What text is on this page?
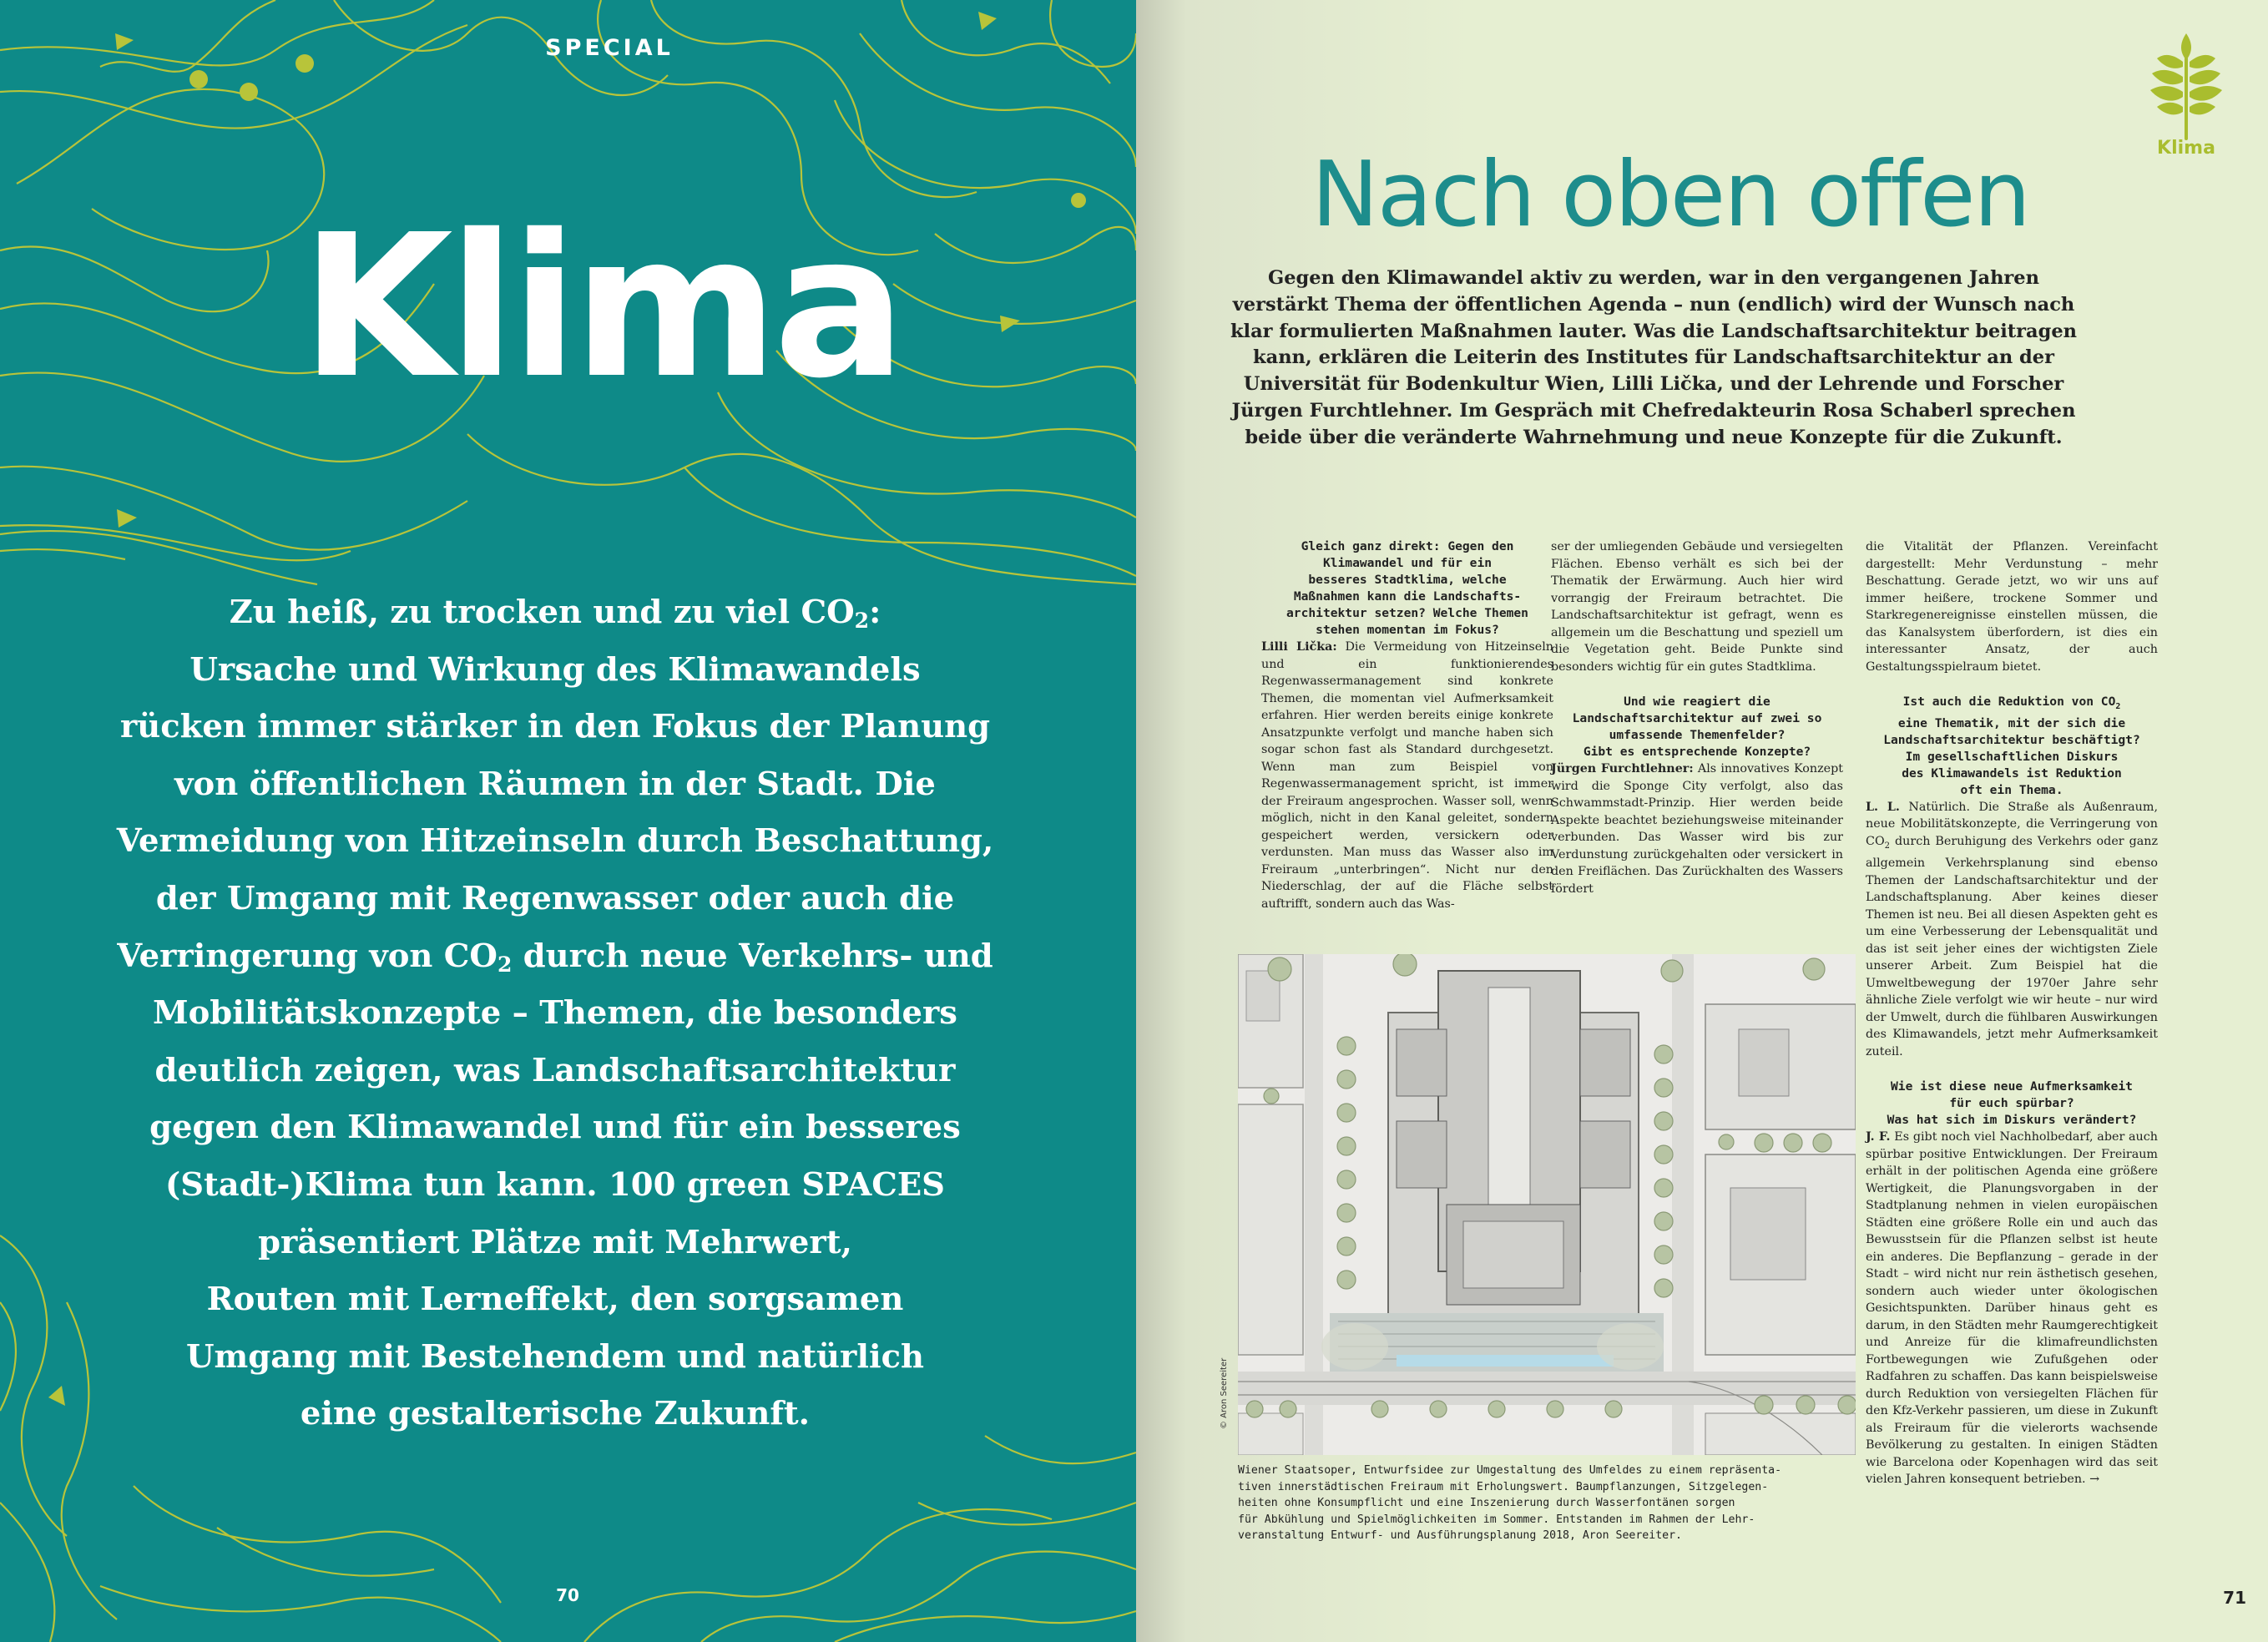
SPECIAL
Klima
Zu heiß, zu trocken und zu viel $CO_2$:
Ursache und Wirkung des Klimawandels
rücken immer stärker in den Fokus der Planung
von öffentlichen Räumen in der Stadt. Die
Vermeidung von Hitzeinseln durch Beschattung,
der Umgang mit Regenwasser oder auch die
Verringerung von $CO_2$ durch neue Verkehrs- und
Mobilitätskonzepte – Themen, die besonders
deutlich zeigen, was Landschaftsarchitektur
gegen den Klimawandel und für ein besseres
(Stadt-)Klima tun kann. 100 green SPACES
präsentiert Plätze mit Mehrwert,
Routen mit Lerneffekt, den sorgsamen
Umgang mit Bestehendem und natürlich
eine gestalterische Zukunft.
70
Klima
Nach oben offen
Gegen den Klimawandel aktiv zu werden, war in den vergangenen Jahren
verstärkt Thema der öffentlichen Agenda – nun (endlich) wird der Wunsch nach
klar formulierten Maßnahmen lauter. Was die Landschaftsarchitektur beitragen
kann, erklären die Leiterin des Institutes für Landschaftsarchitektur an der
Universität für Bodenkultur Wien, Lilli Lička, und der Lehrende und Forscher
Jürgen Furchtlehner. Im Gespräch mit Chefredakteurin Rosa Schaberl sprechen
beide über die veränderte Wahrnehmung und neue Konzepte für die Zukunft.

Gleich ganz direkt: Gegen den
Klimawandel und für ein
besseres Stadtklima, welche
Maßnahmen kann die Landschafts-
architektur setzen? Welche Themen
stehen momentan im Fokus?

Lilli Lička: Die Vermeidung von Hitzeinseln und ein funktionierendes Regenwassermanagement sind konkrete Themen, die momentan viel Aufmerksamkeit erfahren. Hier werden bereits einige konkrete Ansatzpunkte verfolgt und manche haben sich sogar schon fast als Standard durchgesetzt. Wenn man zum Beispiel von Regenwassermanagement spricht, ist immer der Freiraum angesprochen. Wasser soll, wenn möglich, nicht in den Kanal geleitet, sondern gespeichert werden, versickern oder verdunsten. Man muss das Wasser also im Freiraum „unterbringen“. Nicht nur den Niederschlag, der auf die Fläche selbst auftrifft, sondern auch das Was-

ser der umliegenden Gebäude und versiegelten Flächen. Ebenso verhält es sich bei der Thematik der Erwärmung. Auch hier wird vorrangig der Freiraum betrachtet. Die Landschaftsarchitektur ist gefragt, wenn es allgemein um die Beschattung und speziell um die Vegetation geht. Beide Punkte sind besonders wichtig für ein gutes Stadtklima.

Und wie reagiert die
Landschaftsarchitektur auf zwei so
umfassende Themenfelder?
Gibt es entsprechende Konzepte?

Jürgen Furchtlehner: Als innovatives Konzept wird die Sponge City verfolgt, also das Schwammstadt-Prinzip. Hier werden beide Aspekte beachtet beziehungsweise miteinander verbunden. Das Wasser wird bis zur Verdunstung zurückgehalten oder versickert in den Freiflächen. Das Zurückhalten des Wassers fördert

die Vitalität der Pflanzen. Vereinfacht dargestellt: Mehr Verdunstung – mehr Beschattung. Gerade jetzt, wo wir uns auf immer heißere, trockene Sommer und Starkregenereignisse einstellen müssen, die das Kanalsystem überfordern, ist dies ein interessanter Ansatz, der auch Gestaltungsspielraum bietet.

Ist auch die Reduktion von $CO_2$
eine Thematik, mit der sich die
Landschaftsarchitektur beschäftigt?
Im gesellschaftlichen Diskurs
des Klimawandels ist Reduktion
oft ein Thema.

L. L. Natürlich. Die Straße als Außenraum, neue Mobilitätskonzepte, die Verringerung von $CO_2$ durch Beruhigung des Verkehrs oder ganz allgemein Verkehrsplanung sind ebenso Themen der Landschaftsarchitektur und der Landschaftsplanung. Aber keines dieser Themen ist neu. Bei all diesen Aspekten geht es um eine Verbesserung der Lebensqualität und das ist seit jeher eines der wichtigsten Ziele unserer Arbeit. Zum Beispiel hat die Umweltbewegung der 1970er Jahre sehr ähnliche Ziele verfolgt wie wir heute – nur wird der Umwelt, durch die fühlbaren Auswirkungen des Klimawandels, jetzt mehr Aufmerksamkeit zuteil.

Wie ist diese neue Aufmerksamkeit
für euch spürbar?
Was hat sich im Diskurs verändert?

J. F. Es gibt noch viel Nachholbedarf, aber auch spürbar positive Entwicklungen. Der Freiraum erhält in der politischen Agenda eine größere Wertigkeit, die Planungsvorgaben in der Stadtplanung nehmen in vielen europäischen Städten eine größere Rolle ein und auch das Bewusstsein für die Pflanzen selbst ist heute ein anderes. Die Bepflanzung – gerade in der Stadt – wird nicht nur rein ästhetisch gesehen, sondern auch wieder unter ökologischen Gesichtspunkten. Darüber hinaus geht es darum, in den Städten mehr Raumgerechtigkeit und Anreize für die klimafreundlichsten Fortbewegungen wie Zufußgehen oder Radfahren zu schaffen. Das kann beispielsweise durch Reduktion von versiegelten Flächen für den Kfz-Verkehr passieren, um diese in Zukunft als Freiraum für die vielerorts wachsende Bevölkerung zu gestalten. In einigen Städten wie Barcelona oder Kopenhagen wird das seit vielen Jahren konsequent betrieben. →

© Aron Seereiter
Wiener Staatsoper, Entwurfsidee zur Umgestaltung des Umfeldes zu einem repräsenta-
tiven innerstädtischen Freiraum mit Erholungswert. Baumpflanzungen, Sitzgelegen-
heiten ohne Konsumpflicht und eine Inszenierung durch Wasserfontänen sorgen
für Abkühlung und Spielmöglichkeiten im Sommer. Entstanden im Rahmen der Lehr-
veranstaltung Entwurf- und Ausführungsplanung 2018, Aron Seereiter.
71
